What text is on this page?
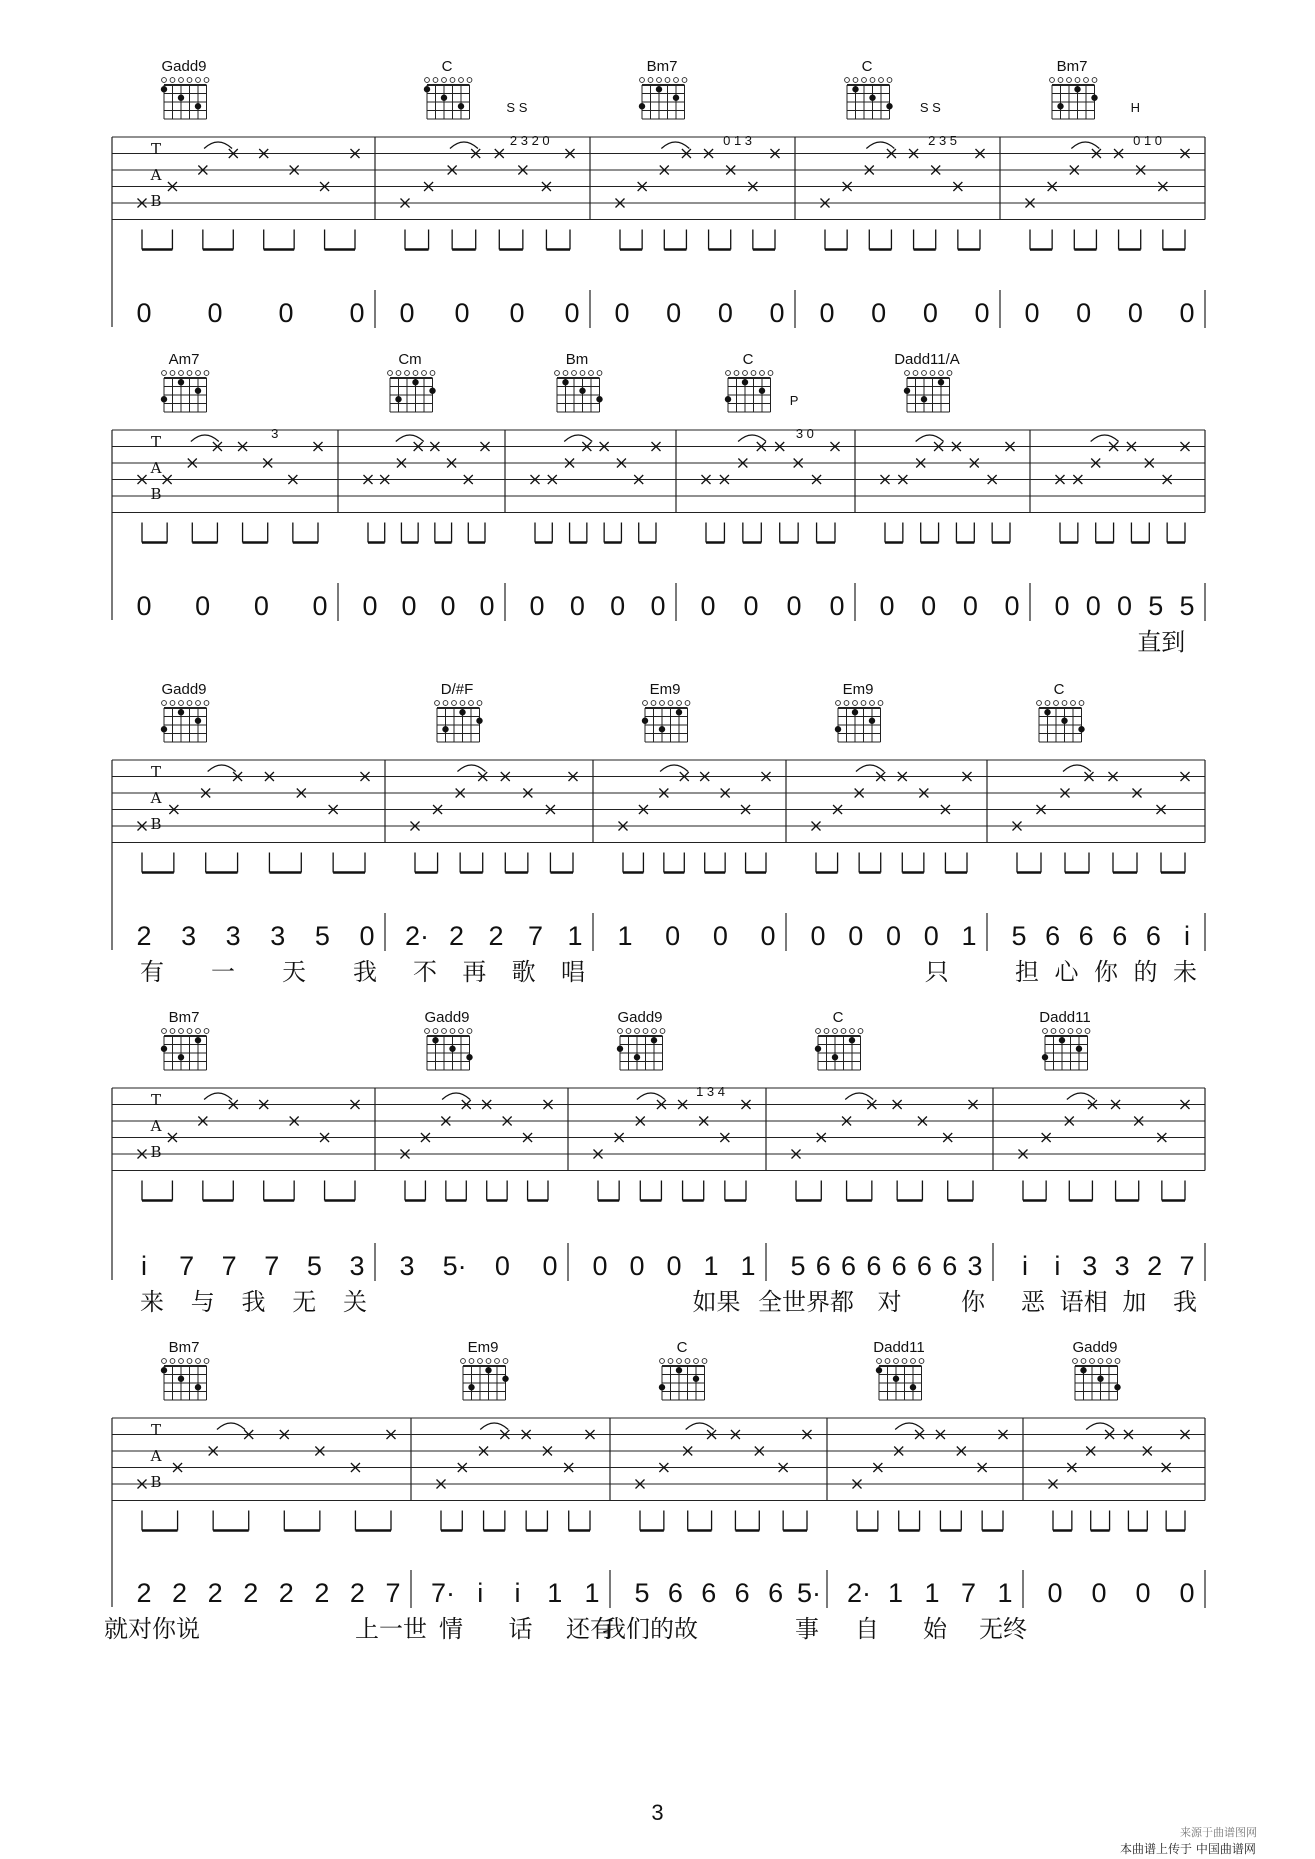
T
A
B
Gadd9
0 0 0 0
C
S S
2 3 2 0
0 0 0 0
Bm7
0 1 3
0 0 0 0
C
S S
2 3 5
0 0 0 0
Bm7
H
0 1 0
0 0 0 0
T
A
B
Am7
3
0 0 0 0
Cm
0 0 0 0
Bm
0 0 0 0
C
P
3 0
0 0 0 0
Dadd11/A
0 0 0 0 0 0 0 5 5
直到
T
A
B
Gadd9
2 3 3 3 5 0
有 一 天 我
D/#F
2· 2 2 7 1
不 再 歌 唱
Em9
1 0 0 0
Em9
0 0 0 0 1
只
C
5 6 6 6 6 i
担 心 你 的 未
T
A
B
Bm7
i 7 7 7 5 3
来 与 我 无 关
Gadd9
3 5· 0 0
Gadd9
1 3 4
0 0 0 1 1
如果
C
5 6 6 6 6 6 6 3
全世界都 对 你
Dadd11
i i 3 3 2 7
恶 语相 加 我
T
A
B
Bm7
2 2 2 2 2 2 2 7
就对你说	上一世
Em9
7· i i 1 1
情 话 还有
C
5 6 6 6 6 5·
我们的故	事
Dadd11
2· 1 1 7 1
自 始 无终
Gadd9
0 0 0 0
3
本曲谱上传于 中国曲谱网
来源于曲谱图网
